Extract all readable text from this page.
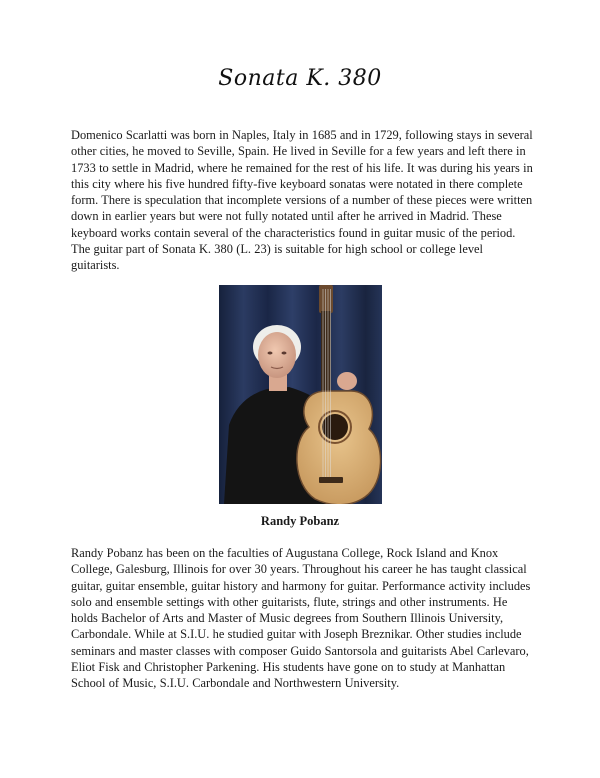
Sonata K. 380

Domenico Scarlatti was born in Naples, Italy in 1685 and in 1729, following stays in several other cities, he moved to Seville, Spain. He lived in Seville for a few years and left there in 1733 to settle in Madrid, where he remained for the rest of his life. It was during his years in this city where his five hundred fifty-five keyboard sonatas were notated in there complete form. There is speculation that incomplete versions of a number of these pieces were written down in earlier years but were not fully notated until after he arrived in Madrid. These keyboard works contain several of the characteristics found in guitar music of the period. The guitar part of Sonata K. 380 (L. 23) is suitable for high school or college level guitarists.

Randy Pobanz

Randy Pobanz has been on the faculties of Augustana College, Rock Island and Knox College, Galesburg, Illinois for over 30 years. Throughout his career he has taught classical guitar, guitar ensemble, guitar history and harmony for guitar. Performance activity includes solo and ensemble settings with other guitarists, flute, strings and other instruments. He holds Bachelor of Arts and Master of Music degrees from Southern Illinois University, Carbondale. While at S.I.U. he studied guitar with Joseph Breznikar. Other studies include seminars and master classes with composer Guido Santorsola and guitarists Abel Carlevaro, Eliot Fisk and Christopher Parkening. His students have gone on to study at Manhattan School of Music, S.I.U. Carbondale and Northwestern University.
